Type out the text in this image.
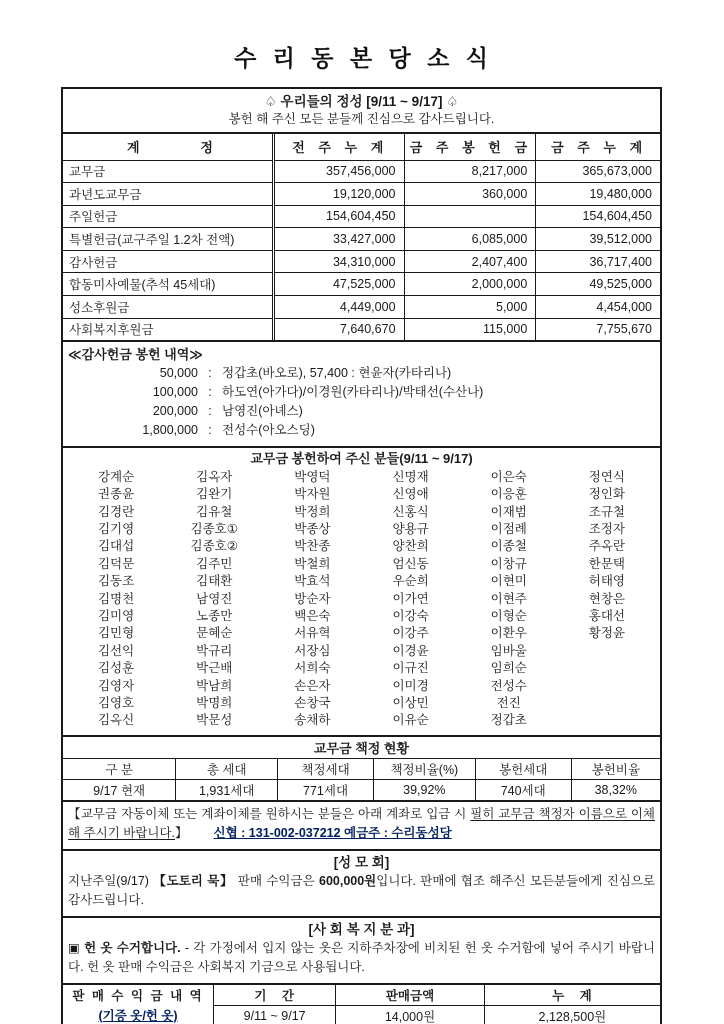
수 리 동 본 당 소 식
♤ 우리들의 정성 [9/11 ~ 9/17] ♤
봉헌 해 주신 모든 분들께 진심으로 감사드립니다.
계 정	전 주 누 계	금 주 봉 헌 금	금 주 누 계
교무금	357,456,000	8,217,000	365,673,000
과년도교무금	19,120,000	360,000	19,480,000
주일헌금	154,604,450		154,604,450
특별헌금(교구주일 1.2차 전액)	33,427,000	6,085,000	39,512,000
감사헌금	34,310,000	2,407,400	36,717,400
합동미사예물(추석 45세대)	47,525,000	2,000,000	49,525,000
성소후원금	4,449,000	5,000	4,454,000
사회복지후원금	7,640,670	115,000	7,755,670
≪감사헌금 봉헌 내역≫
50,000 : 정갑초(바오로), 57,400 : 현윤자(카타리나)
100,000 : 하도연(아가다)/이경원(카타리나)/박태선(수산나)
200,000 : 남영진(아녜스)
1,800,000 : 전성수(아오스딩)
교무금 봉헌하여 주신 분들(9/11 ~ 9/17)
강계순	김옥자	박영덕	신명재	이은숙	정연식
권종윤	김완기	박자원	신영애	이응훈	정인화
김경란	김유철	박정희	신홍식	이재범	조규철
김기영	김종호①	박종상	양용규	이점례	조정자
김대섭	김종호②	박찬종	양찬희	이종철	주옥란
김덕문	김주민	박철희	엄신동	이창규	한문택
김동조	김태환	박효석	우순희	이현미	허태영
김명천	남영진	방순자	이가연	이현주	현창은
김미영	노종만	백은숙	이강숙	이형순	홍대선
김민형	문혜순	서유혁	이강주	이환우	황정윤
김선익	박규리	서장심	이경윤	임바울
김성훈	박근배	서희숙	이규진	임희순
김영자	박남희	손은자	이미경	전성수
김영호	박명희	손창국	이상민	전진
김옥신	박문성	송채하	이유순	정갑초
교무금 책정 현황					
구 분	총 세대	책정세대	책정비율(%)	봉헌세대	봉헌비율
9/17 현재	1,931세대	771세대	39,92%	740세대	38,32%

【교무금 자동이체 또는 계좌이체를 원하시는 분들은 아래 계좌로 입금 시 필히 교무금 책정자 이름으로 이체해 주시기 바랍니다.】 신협 : 131-002-037212 예금주 : 수리동성당

[성 모 회]

지난주일(9/17) 【도토리 묵】 판매 수익금은 600,000원입니다. 판매에 협조 해주신 모든분들에게 진심으로 감사드립니다.

[사 회 복 지 분 과]

▣ 헌 옷 수거합니다. - 각 가정에서 입지 않는 옷은 지하주차장에 비치된 헌 옷 수거함에 넣어 주시기 바랍니다. 헌 옷 판매 수익금은 사회복지 기금으로 사용됩니다.

판 매 수 익 금 내 역
(기증 옷/헌 옷)	기 간	판매금액	누 계
	9/11 ~ 9/17	14,000원	2,128,500원
